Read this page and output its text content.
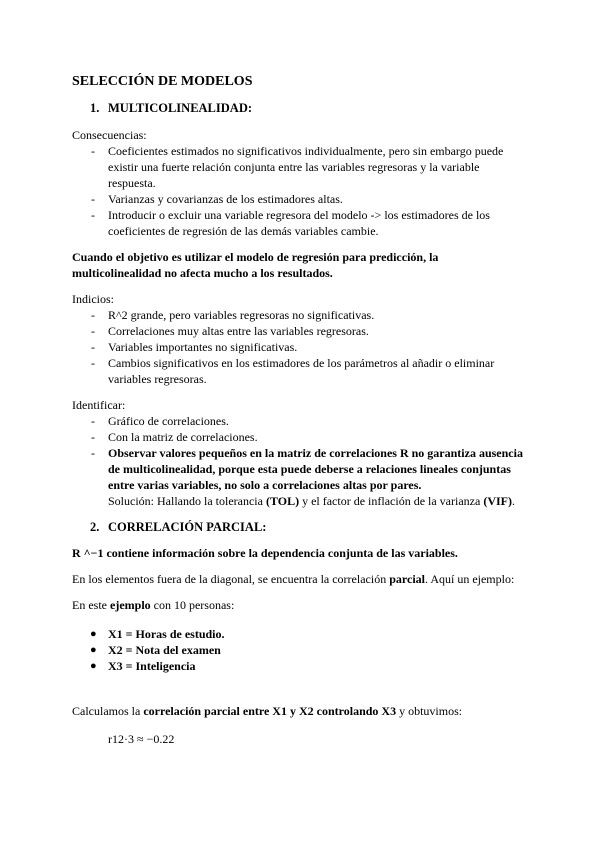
SELECCIÓN DE MODELOS
1. MULTICOLINEALIDAD:
Consecuencias:
- Coeficientes estimados no significativos individualmente, pero sin embargo puede
existir una fuerte relación conjunta entre las variables regresoras y la variable
respuesta.
- Varianzas y covarianzas de los estimadores altas.
- Introducir o excluir una variable regresora del modelo -> los estimadores de los
coeficientes de regresión de las demás variables cambie.
Cuando el objetivo es utilizar el modelo de regresión para predicción, la
multicolinealidad no afecta mucho a los resultados.
Indicios:
- R^2 grande, pero variables regresoras no significativas.
- Correlaciones muy altas entre las variables regresoras.
- Variables importantes no significativas.
- Cambios significativos en los estimadores de los parámetros al añadir o eliminar
variables regresoras.
Identificar:
- Gráfico de correlaciones.
- Con la matriz de correlaciones.
- Observar valores pequeños en la matriz de correlaciones R no garantiza ausencia
de multicolinealidad, porque esta puede deberse a relaciones lineales conjuntas
entre varias variables, no solo a correlaciones altas por pares.
Solución: Hallando la tolerancia (TOL) y el factor de inflación de la varianza (VIF).
2. CORRELACIÓN PARCIAL:
R ^−1 contiene información sobre la dependencia conjunta de las variables.
En los elementos fuera de la diagonal, se encuentra la correlación parcial. Aquí un ejemplo:
En este ejemplo con 10 personas:
● X1 = Horas de estudio.
● X2 = Nota del examen
● X3 = Inteligencia
Calculamos la correlación parcial entre X1 y X2 controlando X3 y obtuvimos:
r12·3 ≈ −0.22
